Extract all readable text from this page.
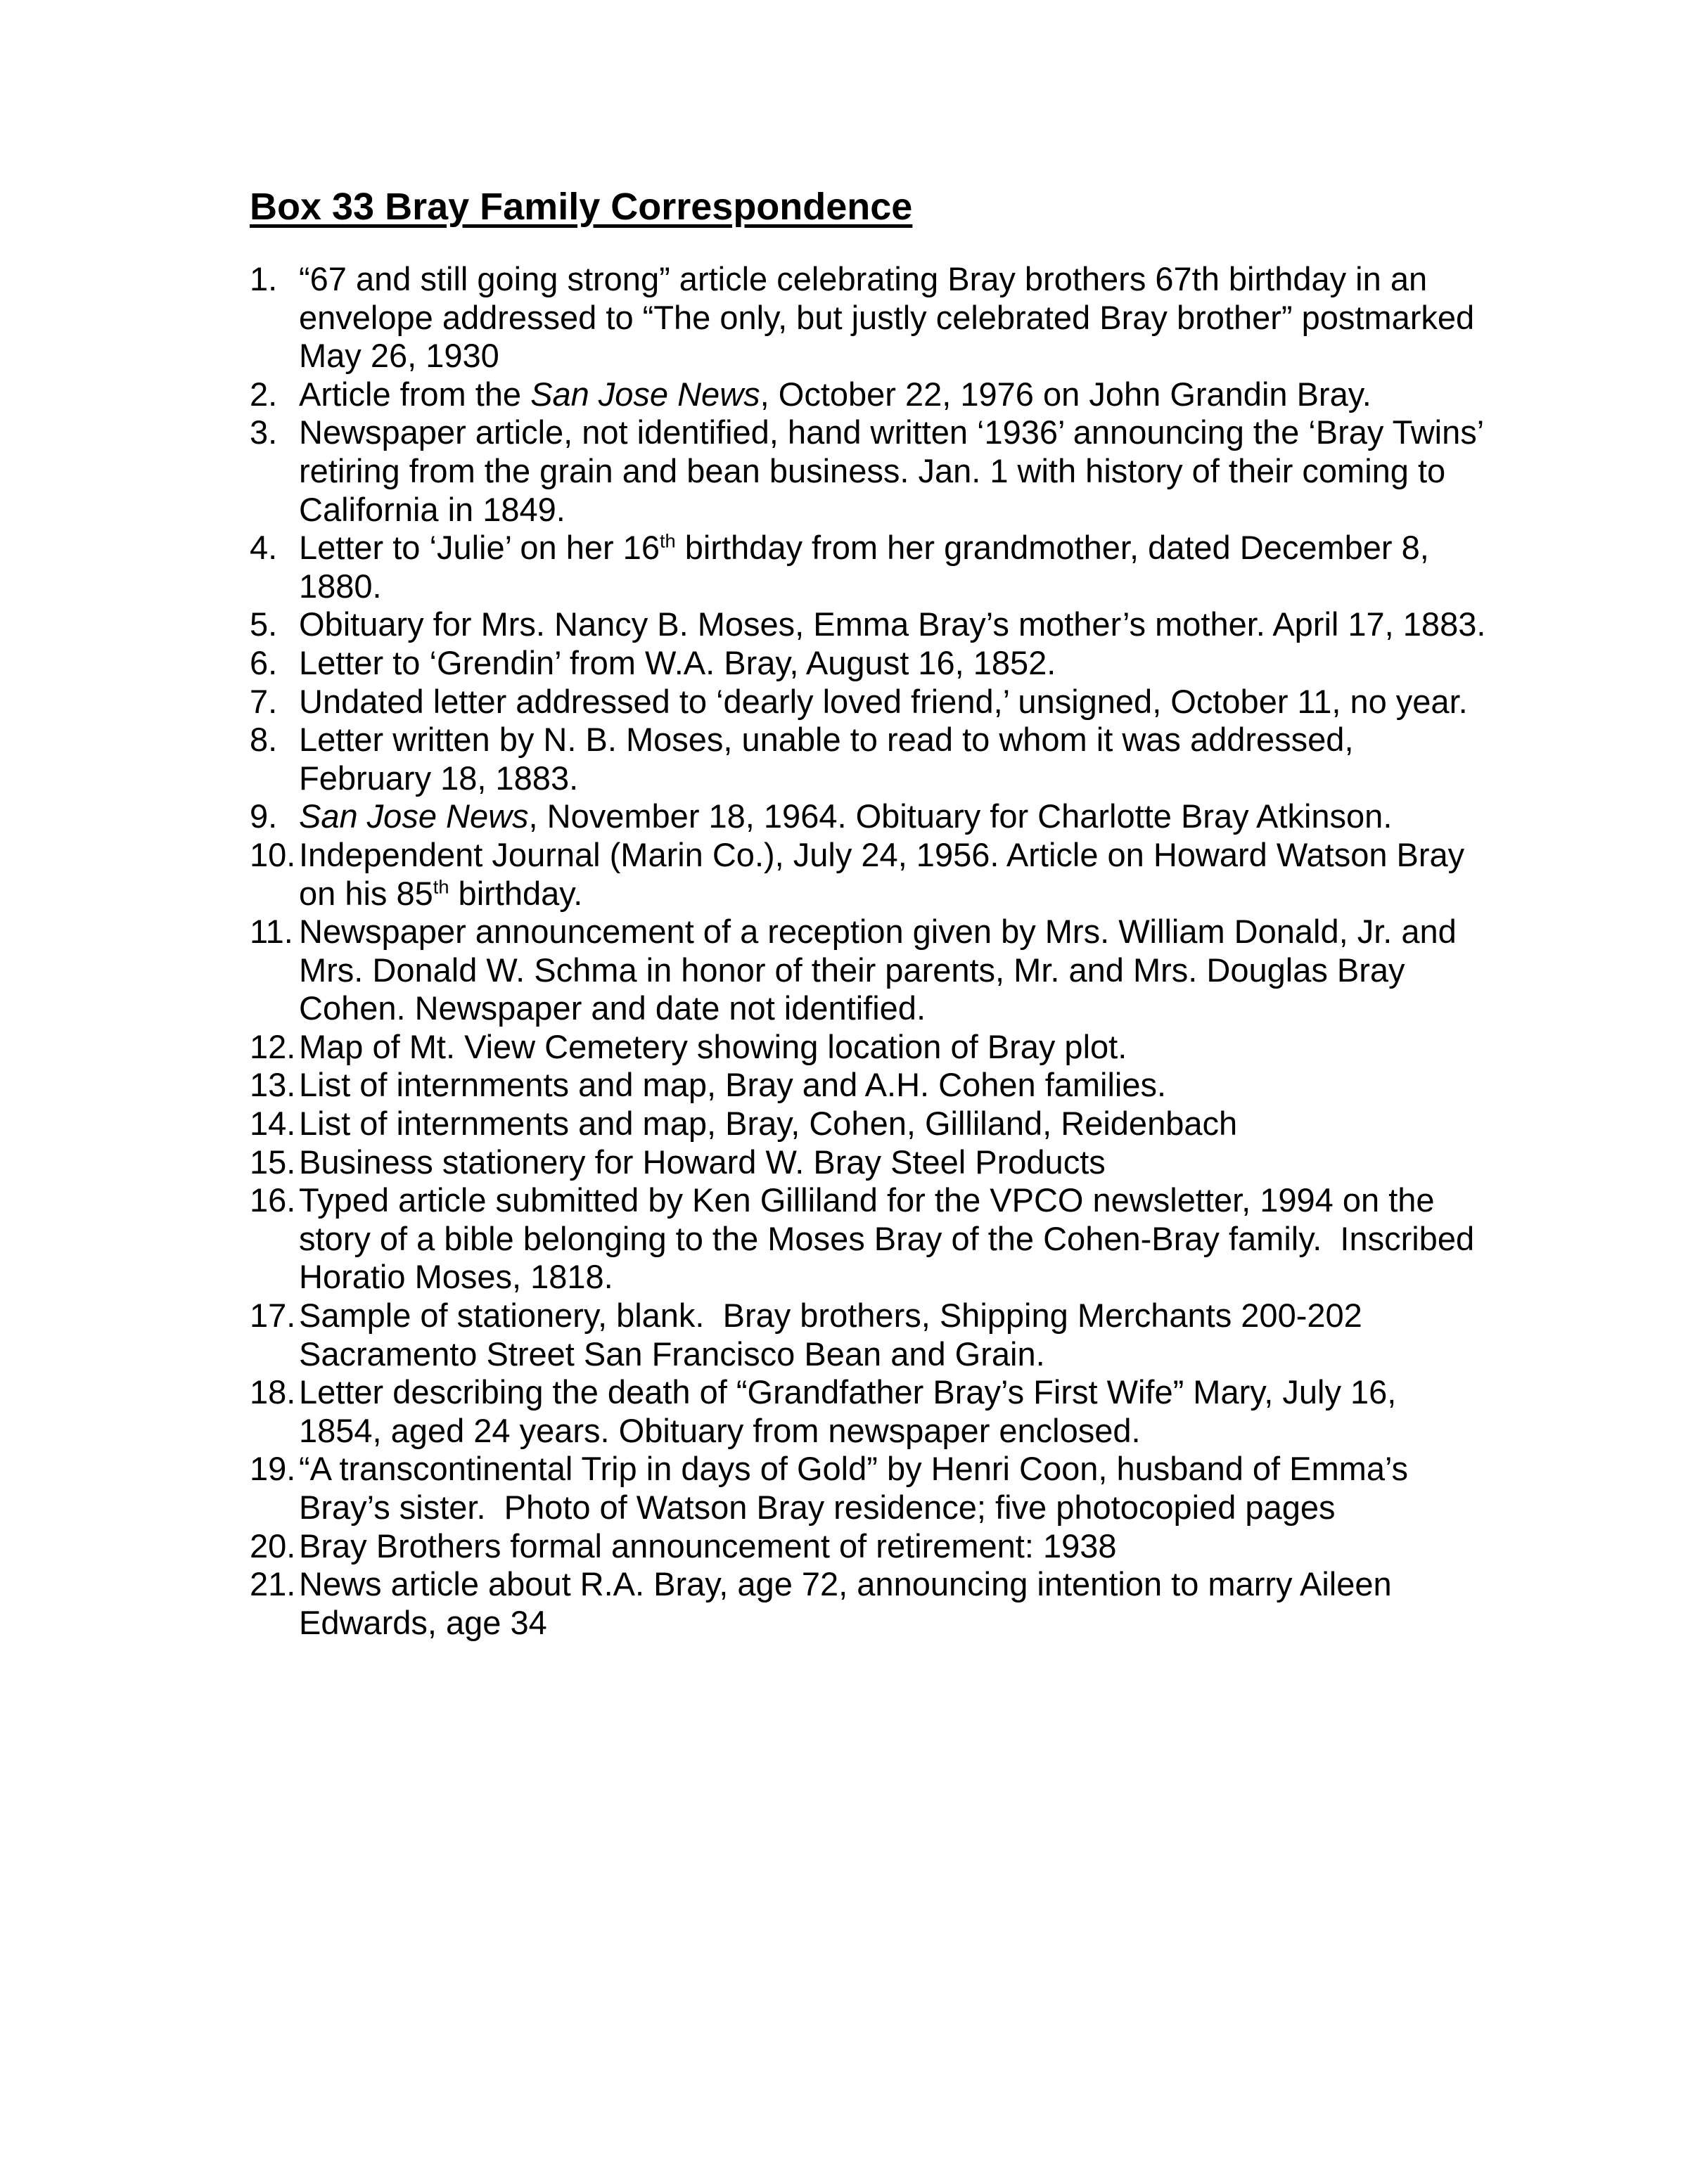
Box 33 Bray Family Correspondence
1. “67 and still going strong” article celebrating Bray brothers 67th birthday in an envelope addressed to “The only, but justly celebrated Bray brother” postmarked May 26, 1930
2. Article from the San Jose News, October 22, 1976 on John Grandin Bray.
3. Newspaper article, not identified, hand written ‘1936’ announcing the ‘Bray Twins’ retiring from the grain and bean business. Jan. 1 with history of their coming to California in 1849.
4. Letter to ‘Julie’ on her 16th birthday from her grandmother, dated December 8, 1880.
5. Obituary for Mrs. Nancy B. Moses, Emma Bray’s mother’s mother. April 17, 1883.
6. Letter to ‘Grendin’ from W.A. Bray, August 16, 1852.
7. Undated letter addressed to ‘dearly loved friend,’ unsigned, October 11, no year.
8. Letter written by N. B. Moses, unable to read to whom it was addressed, February 18, 1883.
9. San Jose News, November 18, 1964. Obituary for Charlotte Bray Atkinson.
10. Independent Journal (Marin Co.), July 24, 1956. Article on Howard Watson Bray on his 85th birthday.
11. Newspaper announcement of a reception given by Mrs. William Donald, Jr. and Mrs. Donald W. Schma in honor of their parents, Mr. and Mrs. Douglas Bray Cohen. Newspaper and date not identified.
12. Map of Mt. View Cemetery showing location of Bray plot.
13. List of internments and map, Bray and A.H. Cohen families.
14. List of internments and map, Bray, Cohen, Gilliland, Reidenbach
15. Business stationery for Howard W. Bray Steel Products
16. Typed article submitted by Ken Gilliland for the VPCO newsletter, 1994 on the story of a bible belonging to the Moses Bray of the Cohen-Bray family.  Inscribed Horatio Moses, 1818.
17. Sample of stationery, blank.  Bray brothers, Shipping Merchants 200-202 Sacramento Street San Francisco Bean and Grain.
18. Letter describing the death of “Grandfather Bray’s First Wife” Mary, July 16, 1854, aged 24 years. Obituary from newspaper enclosed.
19. “A transcontinental Trip in days of Gold” by Henri Coon, husband of Emma’s Bray’s sister.  Photo of Watson Bray residence; five photocopied pages
20. Bray Brothers formal announcement of retirement: 1938
21. News article about R.A. Bray, age 72, announcing intention to marry Aileen Edwards, age 34
